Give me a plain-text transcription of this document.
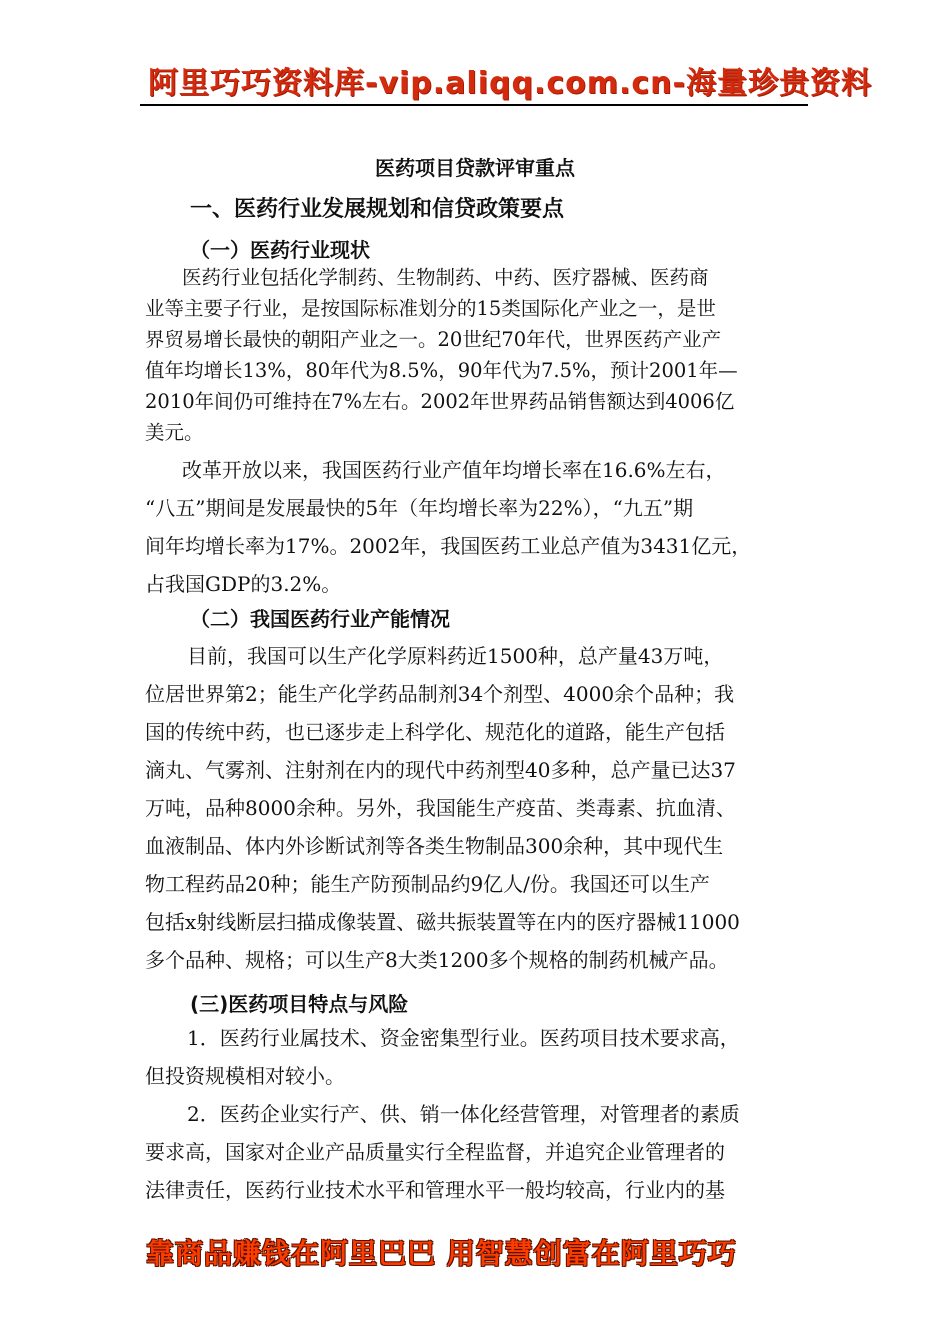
阿里巧巧资料库-vip.aliqq.com.cn-海量珍贵资料
医药项目贷款评审重点
一、医药行业发展规划和信贷政策要点
（一）医药行业现状
医药行业包括化学制药、生物制药、中药、医疗器械、医药商
业等主要子行业，是按国际标准划分的15类国际化产业之一，是世
界贸易增长最快的朝阳产业之一。20世纪70年代，世界医药产业产
值年均增长13%，80年代为8.5%，90年代为7.5%，预计2001年—
2010年间仍可维持在7%左右。2002年世界药品销售额达到4006亿
美元。
改革开放以来，我国医药行业产值年均增长率在16.6%左右，
“八五”期间是发展最快的5年（年均增长率为22%），“九五”期
间年均增长率为17%。2002年，我国医药工业总产值为3431亿元，
占我国GDP的3.2%。
（二）我国医药行业产能情况
目前，我国可以生产化学原料药近1500种，总产量43万吨，
位居世界第2；能生产化学药品制剂34个剂型、4000余个品种；我
国的传统中药，也已逐步走上科学化、规范化的道路，能生产包括
滴丸、气雾剂、注射剂在内的现代中药剂型40多种，总产量已达37
万吨，品种8000余种。另外，我国能生产疫苗、类毒素、抗血清、
血液制品、体内外诊断试剂等各类生物制品300余种，其中现代生
物工程药品20种；能生产防预制品约9亿人/份。我国还可以生产
包括x射线断层扫描成像装置、磁共振装置等在内的医疗器械11000
多个品种、规格；可以生产8大类1200多个规格的制药机械产品。
(三)医药项目特点与风险
1．医药行业属技术、资金密集型行业。医药项目技术要求高，
但投资规模相对较小。
2．医药企业实行产、供、销一体化经营管理，对管理者的素质
要求高，国家对企业产品质量实行全程监督，并追究企业管理者的
法律责任，医药行业技术水平和管理水平一般均较高，行业内的基
靠商品赚钱在阿里巴巴 用智慧创富在阿里巧巧
